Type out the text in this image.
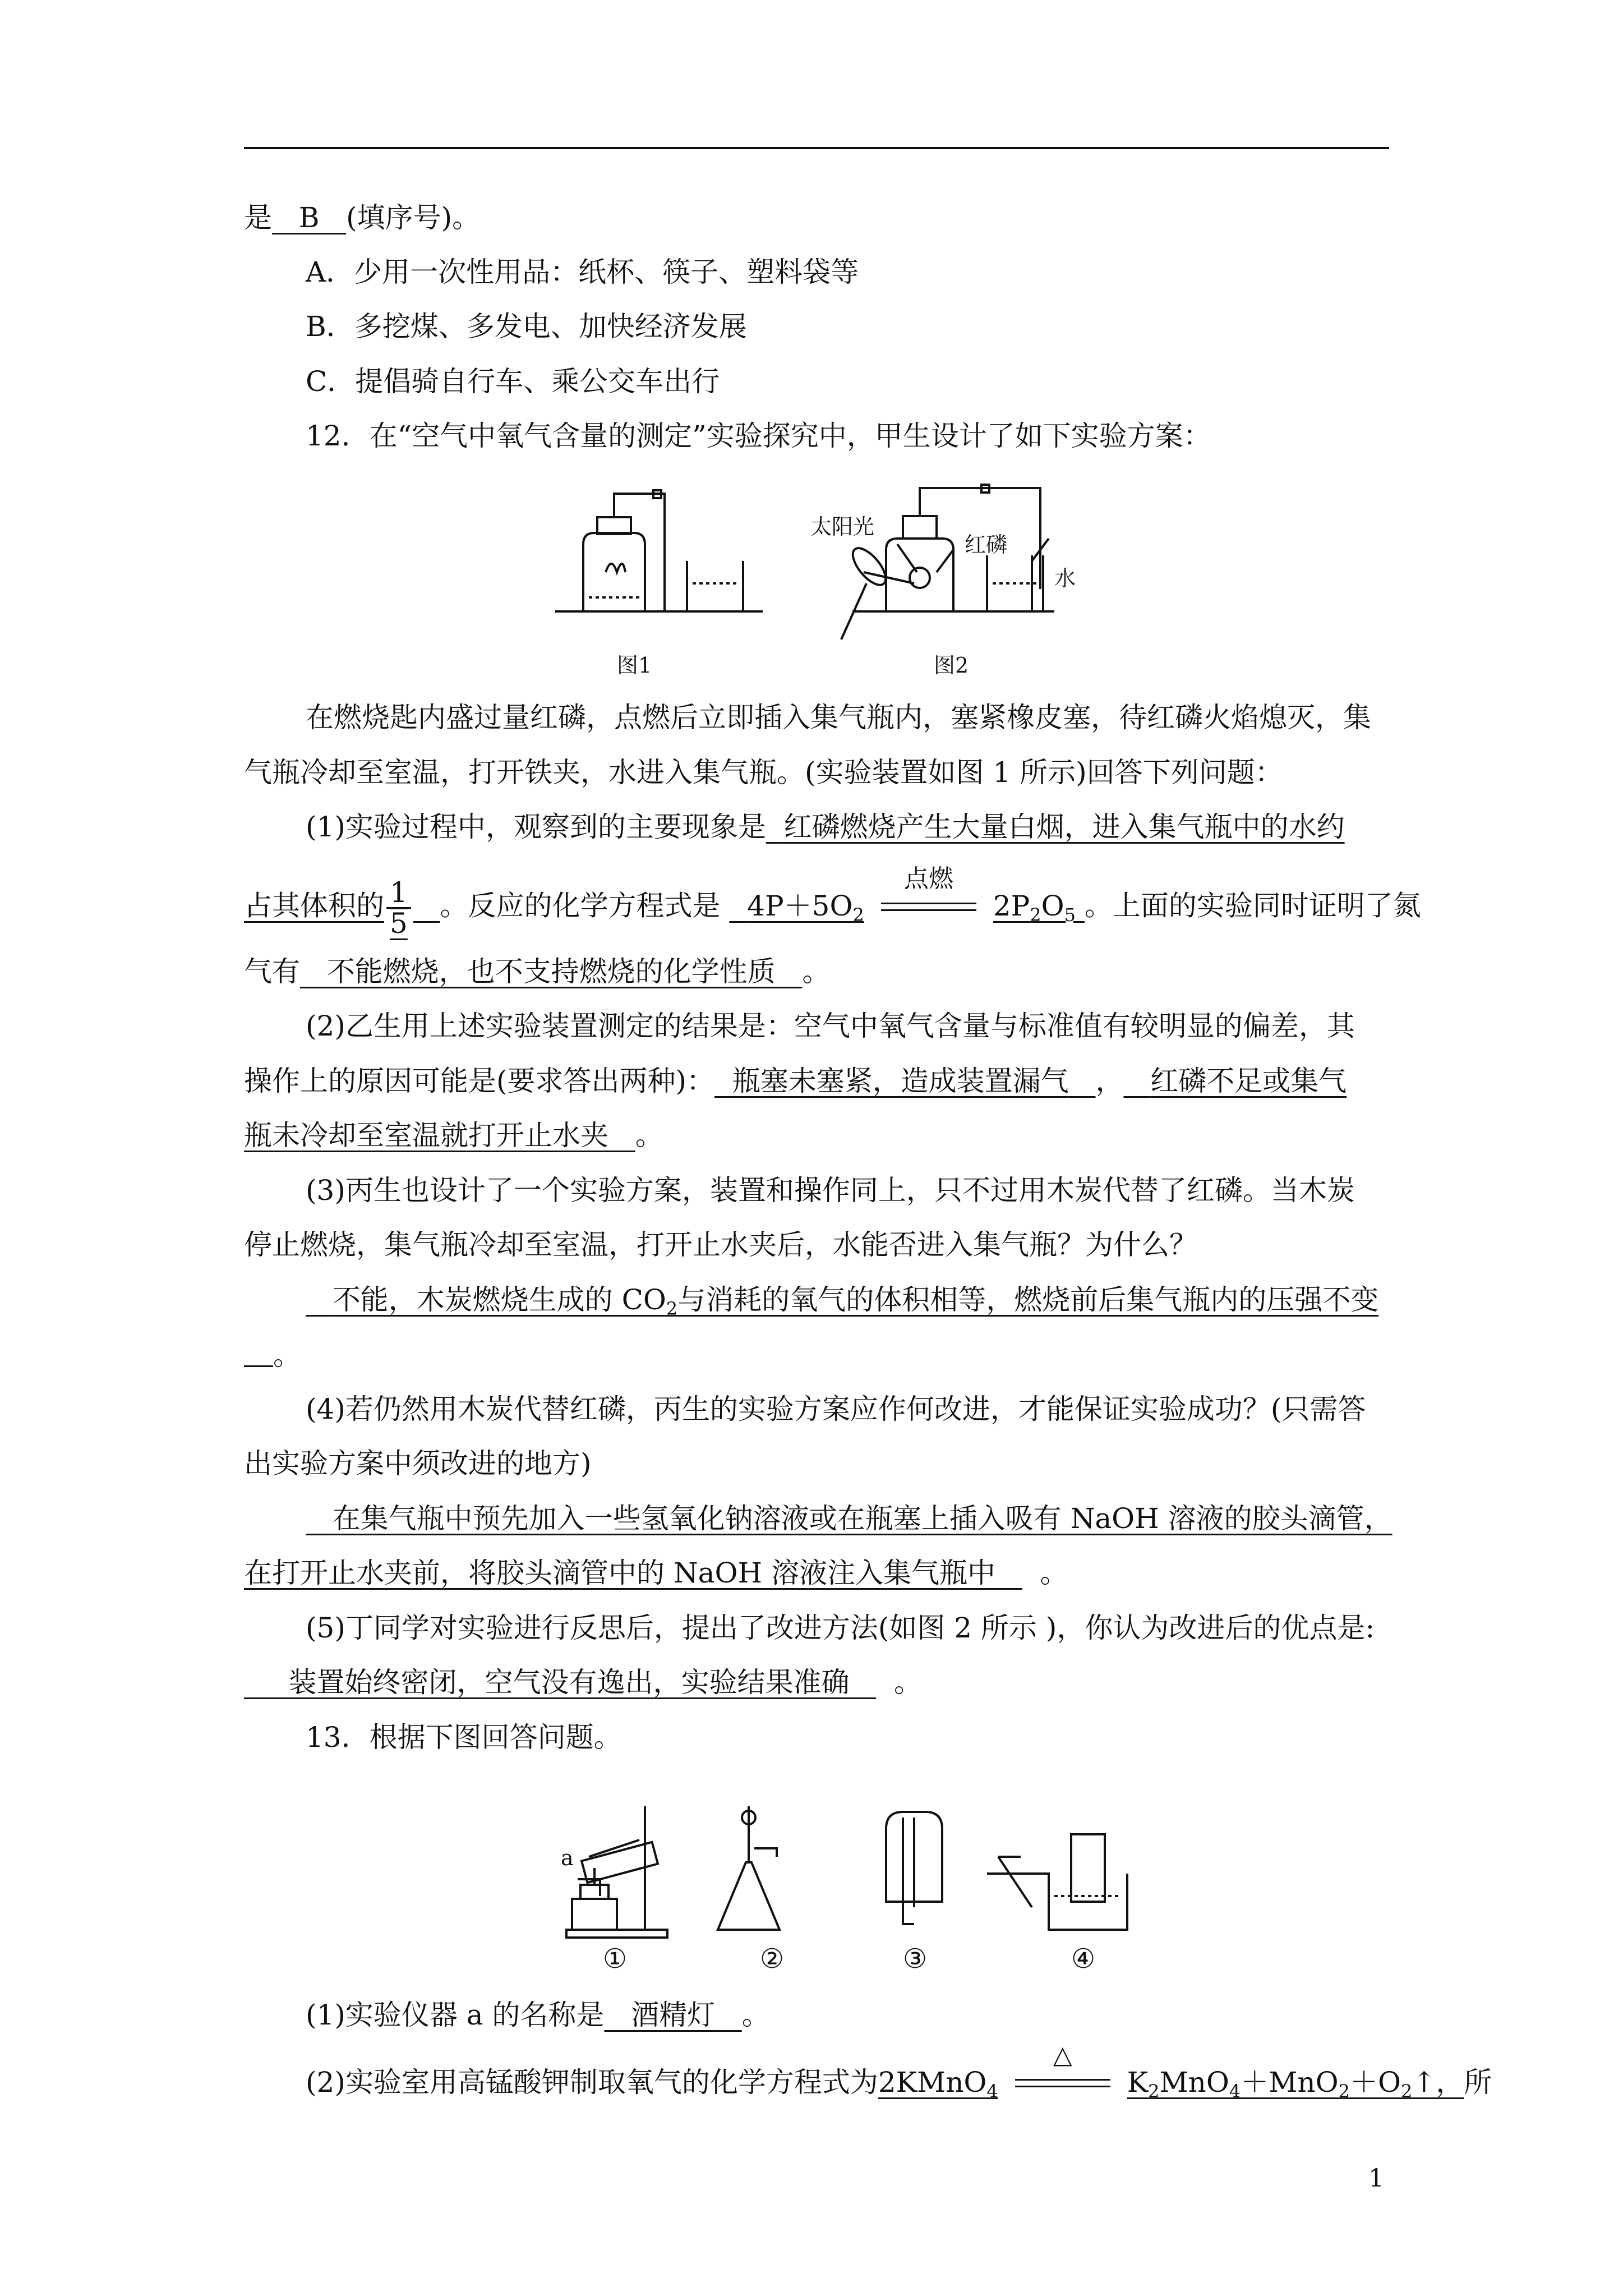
是 B (填序号)。
A．少用一次性用品：纸杯、筷子、塑料袋等
B．多挖煤、多发电、加快经济发展
C．提倡骑自行车、乘公交车出行
12．在“空气中氧气含量的测定”实验探究中，甲生设计了如下实验方案：
图1	图2
太阳光
红磷
水
在燃烧匙内盛过量红磷，点燃后立即插入集气瓶内，塞紧橡皮塞，待红磷火焰熄灭，集
气瓶冷却至室温，打开铁夹，水进入集气瓶。(实验装置如图 1 所示)回答下列问题：
(1)实验过程中，观察到的主要现象是 红磷燃烧产生大量白烟，进入集气瓶中的水约
占其体积的 $\frac{1}{5}$ 。反应的化学方程式是 $4P+5O_2$
点燃
$2P_2O_5$ 。上面的实验同时证明了氮
气有 不能燃烧，也不支持燃烧的化学性质 。
(2)乙生用上述实验装置测定的结果是：空气中氧气含量与标准值有较明显的偏差，其
操作上的原因可能是(要求答出两种)： 瓶塞未塞紧，造成装置漏气 ， 红磷不足或集气
瓶未冷却至室温就打开止水夹 。
(3)丙生也设计了一个实验方案，装置和操作同上，只不过用木炭代替了红磷。当木炭
停止燃烧，集气瓶冷却至室温，打开止水夹后，水能否进入集气瓶？为什么？
不能，木炭燃烧生成的 $CO_2$与消耗的氧气的体积相等，燃烧前后集气瓶内的压强不变
。
(4)若仍然用木炭代替红磷，丙生的实验方案应作何改进，才能保证实验成功？(只需答
出实验方案中须改进的地方)
在集气瓶中预先加入一些氢氧化钠溶液或在瓶塞上插入吸有 NaOH 溶液的胶头滴管，
在打开止水夹前，将胶头滴管中的 NaOH 溶液注入集气瓶中 。
(5)丁同学对实验进行反思后，提出了改进方法(如图 2 所示 )，你认为改进后的优点是:
装置始终密闭，空气没有逸出，实验结果准确 。
13．根据下图回答问题。
a
①	②	③	④
(1)实验仪器 a 的名称是 酒精灯 。
(2)实验室用高锰酸钾制取氧气的化学方程式为2KMnO$_4$
△
$K_2MnO_4+MnO_2+O_2↑$，所
1
